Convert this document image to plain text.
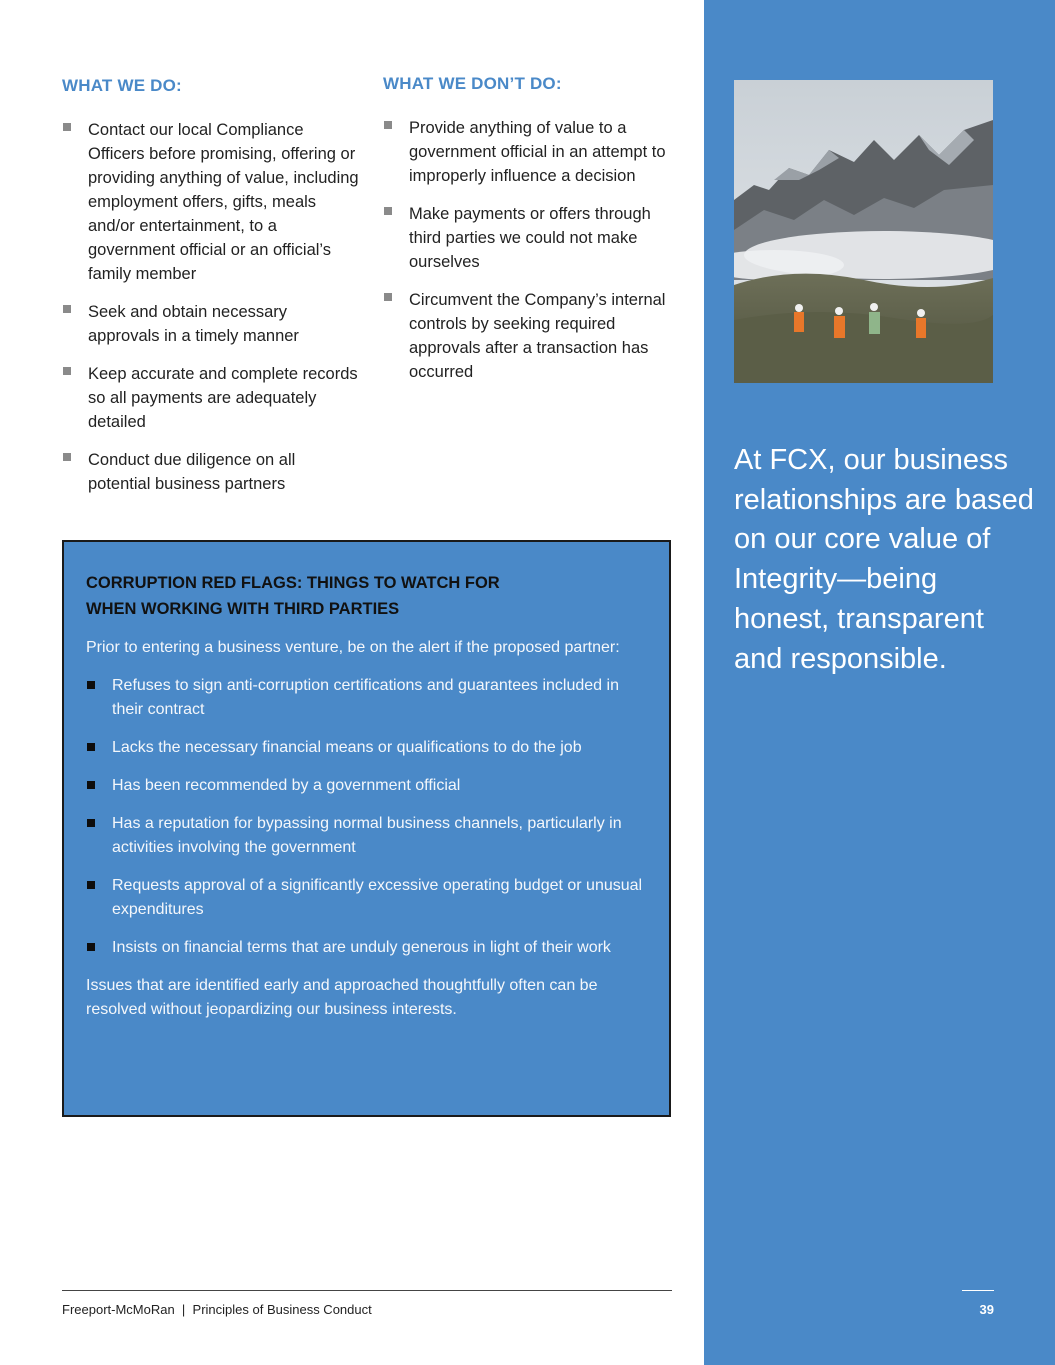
WHAT WE DO:
Contact our local Compliance Officers before promising, offering or providing anything of value, including employment offers, gifts, meals and/or entertainment, to a government official or an official’s family member
Seek and obtain necessary approvals in a timely manner
Keep accurate and complete records so all payments are adequately detailed
Conduct due diligence on all potential business partners
WHAT WE DON’T DO:
Provide anything of value to a government official in an attempt to improperly influence a decision
Make payments or offers through third parties we could not make ourselves
Circumvent the Company’s internal controls by seeking required approvals after a transaction has occurred
CORRUPTION RED FLAGS: THINGS TO WATCH FOR WHEN WORKING WITH THIRD PARTIES

Prior to entering a business venture, be on the alert if the proposed partner:

Refuses to sign anti-corruption certifications and guarantees included in their contract
Lacks the necessary financial means or qualifications to do the job
Has been recommended by a government official
Has a reputation for bypassing normal business channels, particularly in activities involving the government
Requests approval of a significantly excessive operating budget or unusual expenditures
Insists on financial terms that are unduly generous in light of their work

Issues that are identified early and approached thoughtfully often can be resolved without jeopardizing our business interests.

At FCX, our business relationships are based on our core value of Integrity—being honest, transparent and responsible.

39
Freeport-McMoRan  |  Principles of Business Conduct
